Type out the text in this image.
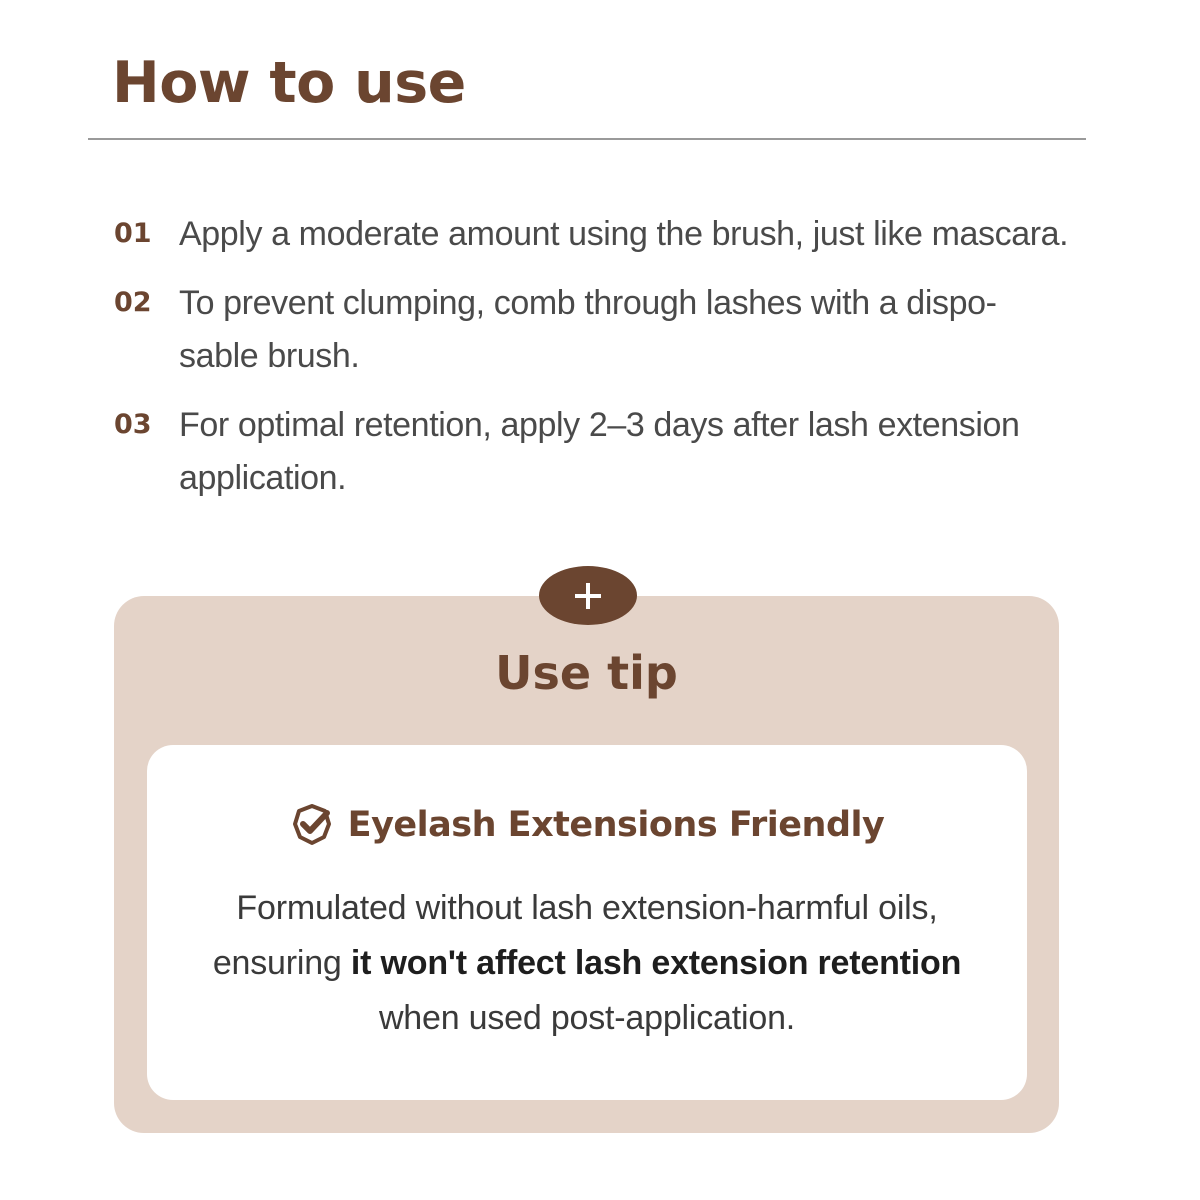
How to use
01 Apply a moderate amount using the brush, just like mascara.
02 To prevent clumping, comb through lashes with a dispo-
sable brush.
03 For optimal retention, apply 2–3 days after lash extension
application.
Use tip
Eyelash Extensions Friendly
Formulated without lash extension-harmful oils,
ensuring it won't affect lash extension retention
when used post-application.
